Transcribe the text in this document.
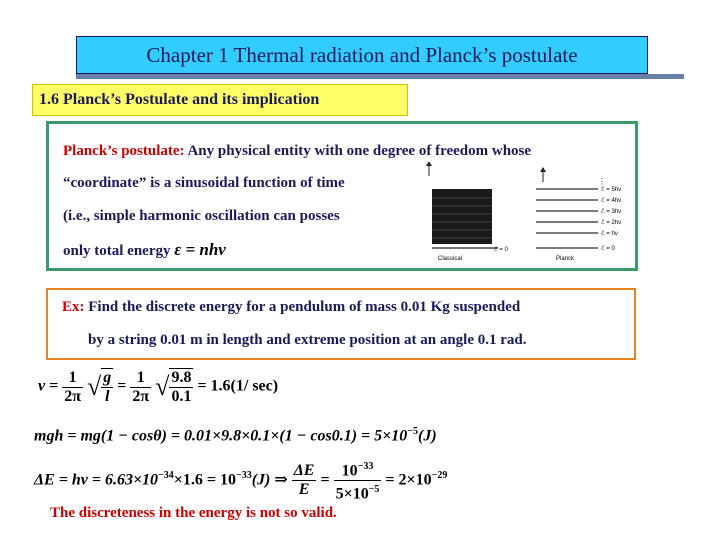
Chapter 1 Thermal radiation and Planck’s postulate
1.6 Planck’s Postulate and its implication
Planck’s postulate: Any physical entity with one degree of freedom whose
“coordinate” is a sinusoidal function of time
(i.e., simple harmonic oscillation can posses
only total energy ε = nhν	Classical
ℰ = 0
⋮
ℰ = 5hν
ℰ = 4hν
ℰ = 3hν
ℰ = 2hν
ℰ = hν
ℰ = 0
Planck
Ex: Find the discrete energy for a pendulum of mass 0.01 Kg suspended
by a string 0.01 m in length and extreme position at an angle 0.1 rad.
$\nu = \frac{1}{2\pi}$ √ $\frac{g}{l} = \frac{1}{2\pi}$ √ $\frac{9.8}{0.1} = 1.6(1/$ sec)
mgh = $mg(1 - \cos\theta) = 0.01\times 9.8\times 0.1\times(1 - \cos 0.1) = 5\times 10^{-5}(J)$
$\Delta E = h\nu = 6.63\times 10^{-34}\times 1.6 = 10^{-33}(J)$ ⇒ $\frac{\Delta E}{E} = \frac{10^{-33}}{5\times 10^{-5}} = 2\times 10^{-29}$
The discreteness in the energy is not so valid.
